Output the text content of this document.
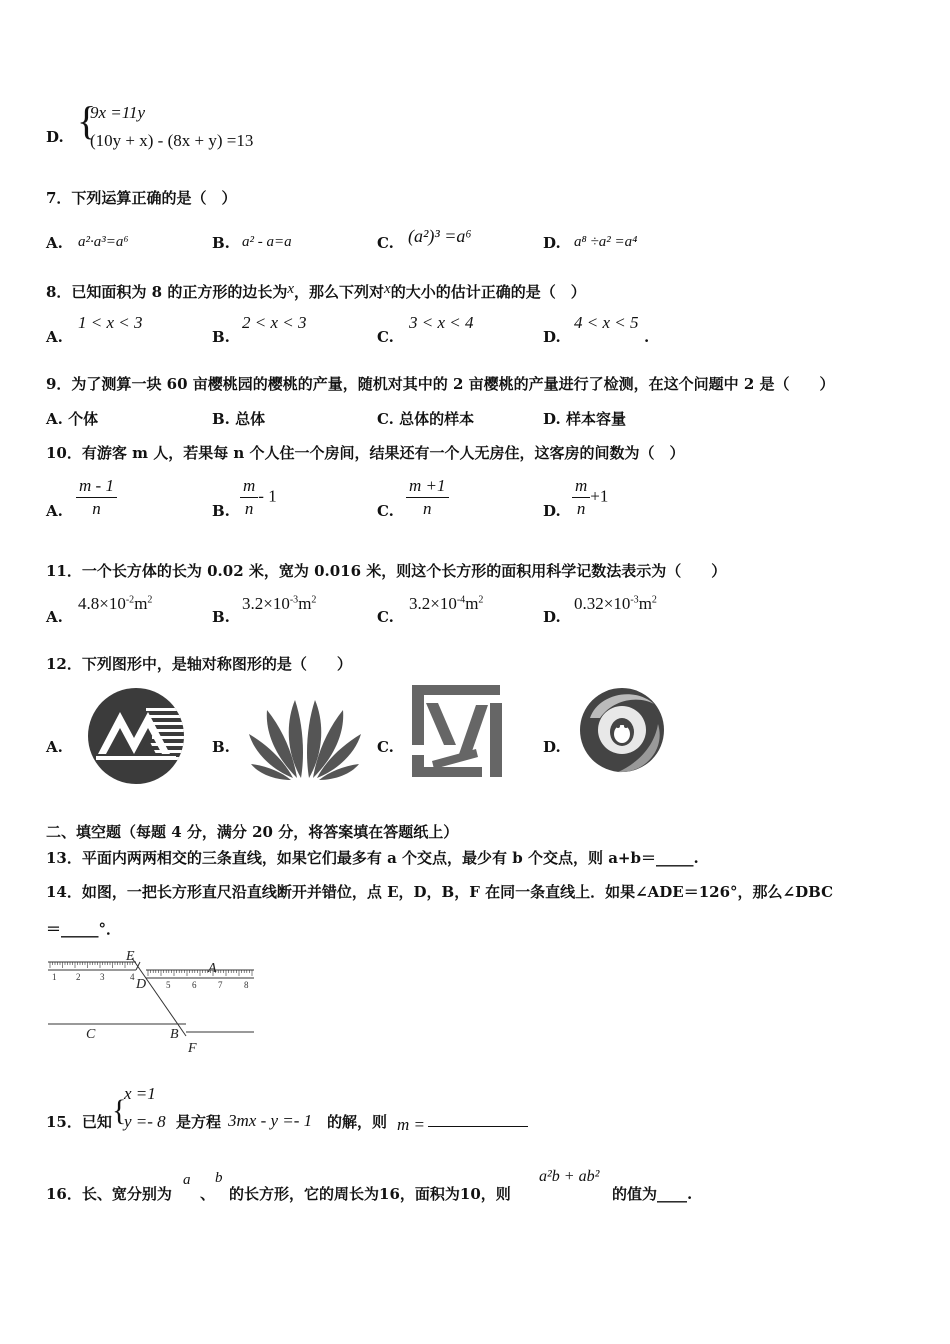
D. {
9x =11y
(10y + x) - (8x + y) =13
7．下列运算正确的是（　）
A. a²·a³=a⁶	B. a² - a=a	C. (a²)³ =a⁶	D. a⁸ ÷a² =a⁴
8．已知面积为 8 的正方形的边长为x，那么下列对x的大小的估计正确的是（　）
A.
1 < x < 3
B.
2 < x < 3
C.
3 < x < 4
D.
4 < x < 5
.
9．为了测算一块 60 亩樱桃园的樱桃的产量，随机对其中的 2 亩樱桃的产量进行了检测，在这个问题中 2 是（　　）
A. 个体	B. 总体	C. 总体的样本	D. 样本容量
10．有游客 m 人，若果每 n 个人住一个房间，结果还有一个人无房住，这客房的间数为（　）
A. $\frac{m - 1}{n}$	B. $\frac{m}{n} - 1$
C. $\frac{m +1}{n}$	D. $\frac{m}{n} +1$
11．一个长方体的长为 0.02 米，宽为 0.016 米，则这个长方形的面积用科学记数法表示为（　　）
A.
$4.8\times 10^{-2}m^2$
B.
$3.2\times 10^{-3}m^2$
C.
$3.2\times 10^{-4}m^2$
D.
$0.32\times 10^{-3}m^2$
12．下列图形中，是轴对称图形的是（　　）
A.	B.	C.	D.
二、填空题（每题 4 分，满分 20 分，将答案填在答题纸上）
13．平面内两两相交的三条直线，如果它们最多有 a 个交点，最少有 b 个交点，则 a+b＝_____.
14．如图，一把长方形直尺沿直线断开并错位，点 E，D，B，F 在同一条直线上．如果∠ADE＝126°，那么∠DBC
＝_____°．
1 2 3	4
5 6 7 8
E
A
D
C	B
F
15．已知 {
x =1
y =- 8 是方程 3mx - y =- 1 的解，则 m =
16．长、宽分别为
a
、
b
的长方形，它的周长为16，面积为10，则
a²b + ab²
的值为____.
